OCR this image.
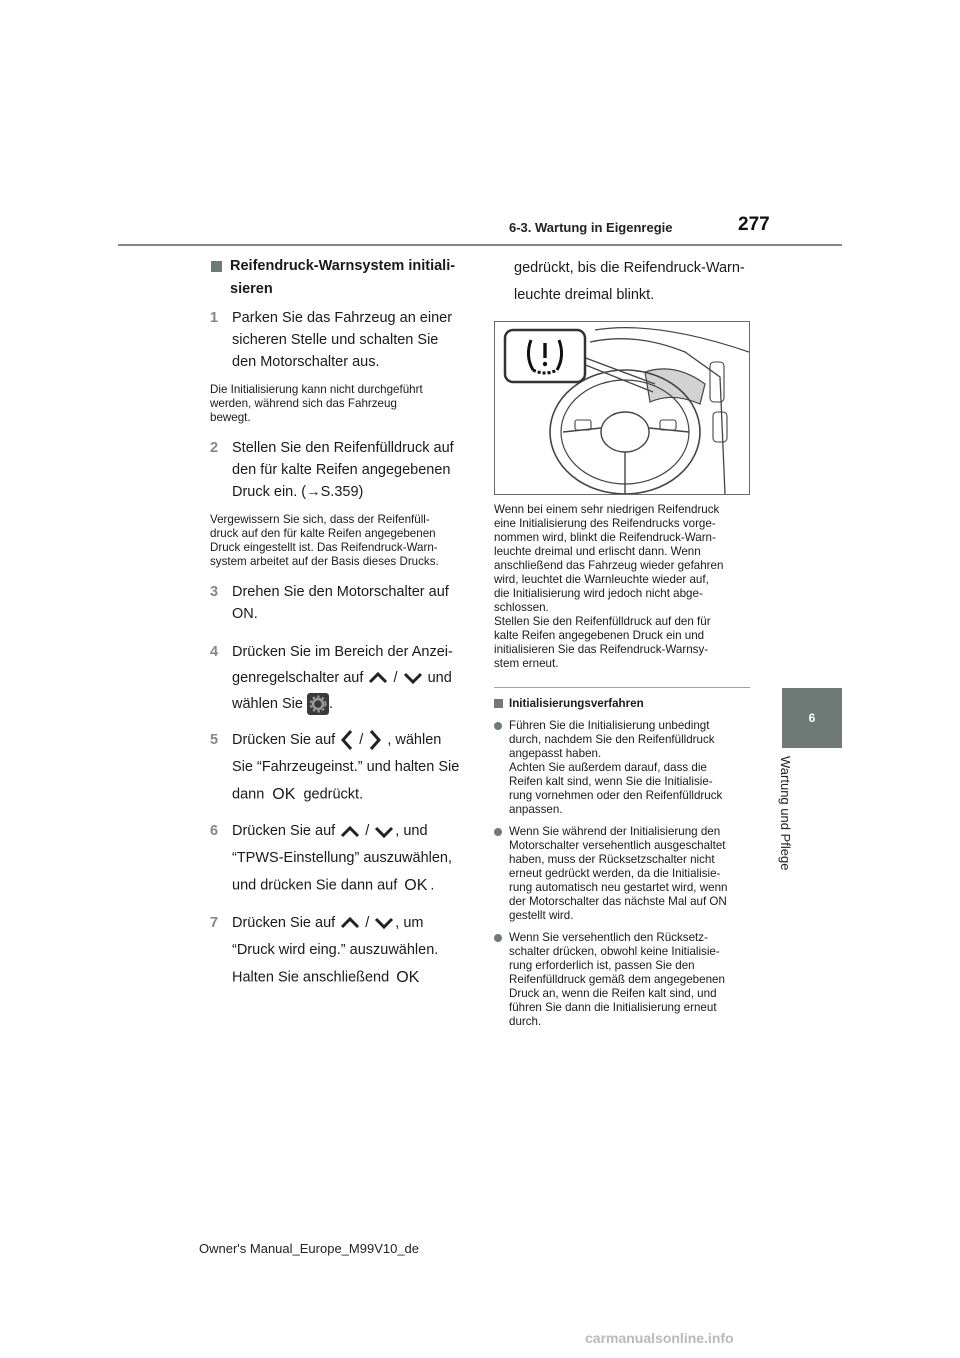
6-3. Wartung in Eigenregie	277
6
Wartung und Pflege
Reifendruck-Warnsystem initiali-
sieren
1 Parken Sie das Fahrzeug an einer
sicheren Stelle und schalten Sie
den Motorschalter aus.
Die Initialisierung kann nicht durchgeführt
werden, während sich das Fahrzeug
bewegt.
2 Stellen Sie den Reifenfülldruck auf
den für kalte Reifen angegebenen
Druck ein. (→S.359)
Vergewissern Sie sich, dass der Reifenfüll-
druck auf den für kalte Reifen angegebenen
Druck eingestellt ist. Das Reifendruck-Warn-
system arbeitet auf der Basis dieses Drucks.
3 Drehen Sie den Motorschalter auf
ON.
4 Drücken Sie im Bereich der Anzei-
genregelschalter auf / und
wählen Sie .
5 Drücken Sie auf / , wählen
Sie “Fahrzeugeinst.” und halten Sie
dann OK gedrückt.
6 Drücken Sie auf / , und
“TPWS-Einstellung” auszuwählen,
und drücken Sie dann auf OK .
7 Drücken Sie auf / , um
“Druck wird eing.” auszuwählen.
Halten Sie anschließend OK
gedrückt, bis die Reifendruck-Warn-
leuchte dreimal blinkt.
Wenn bei einem sehr niedrigen Reifendruck
eine Initialisierung des Reifendrucks vorge-
nommen wird, blinkt die Reifendruck-Warn-
leuchte dreimal und erlischt dann. Wenn
anschließend das Fahrzeug wieder gefahren
wird, leuchtet die Warnleuchte wieder auf,
die Initialisierung wird jedoch nicht abge-
schlossen.
Stellen Sie den Reifenfülldruck auf den für
kalte Reifen angegebenen Druck ein und
initialisieren Sie das Reifendruck-Warnsy-
stem erneut.
Initialisierungsverfahren
Führen Sie die Initialisierung unbedingt
durch, nachdem Sie den Reifenfülldruck
angepasst haben.
Achten Sie außerdem darauf, dass die
Reifen kalt sind, wenn Sie die Initialisie-
rung vornehmen oder den Reifenfülldruck
anpassen.
Wenn Sie während der Initialisierung den
Motorschalter versehentlich ausgeschaltet
haben, muss der Rücksetzschalter nicht
erneut gedrückt werden, da die Initialisie-
rung automatisch neu gestartet wird, wenn
der Motorschalter das nächste Mal auf ON
gestellt wird.
Wenn Sie versehentlich den Rücksetz-
schalter drücken, obwohl keine Initialisie-
rung erforderlich ist, passen Sie den
Reifenfülldruck gemäß dem angegebenen
Druck an, wenn die Reifen kalt sind, und
führen Sie dann die Initialisierung erneut
durch.
Owner's Manual_Europe_M99V10_de
carmanualsonline.info
